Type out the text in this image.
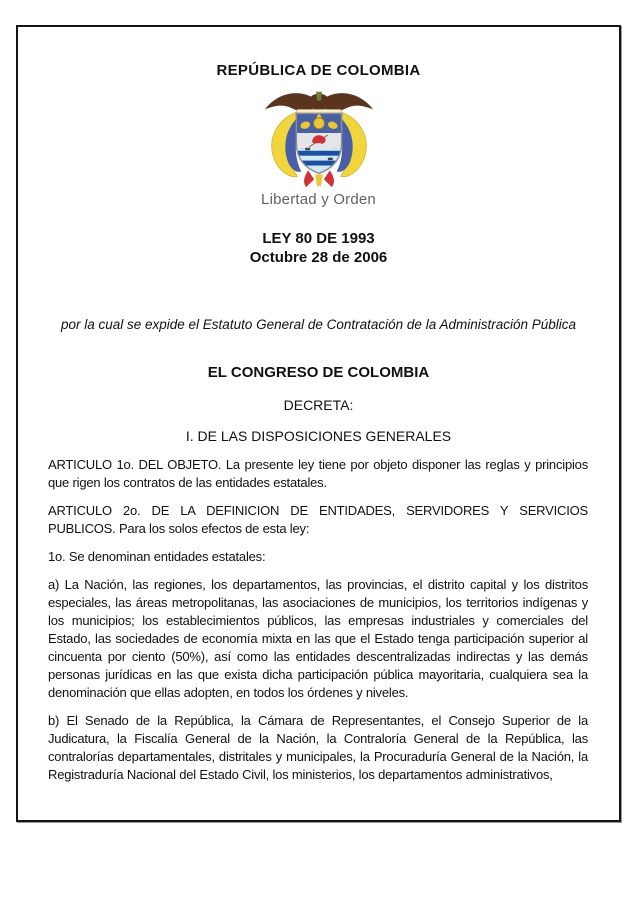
REPÚBLICA DE COLOMBIA
Libertad y Orden
LEY 80 DE 1993
Octubre 28 de 2006
por la cual se expide el Estatuto General de Contratación de la Administración Pública
EL CONGRESO DE COLOMBIA
DECRETA:
I. DE LAS DISPOSICIONES GENERALES

ARTICULO 1o. DEL OBJETO. La presente ley tiene por objeto disponer las reglas y principios que rigen los contratos de las entidades estatales.

ARTICULO 2o. DE LA DEFINICION DE ENTIDADES, SERVIDORES Y SERVICIOS PUBLICOS. Para los solos efectos de esta ley:

1o. Se denominan entidades estatales:

a) La Nación, las regiones, los departamentos, las provincias, el distrito capital y los distritos especiales, las áreas metropolitanas, las asociaciones de municipios, los territorios indígenas y los municipios; los establecimientos públicos, las empresas industriales y comerciales del Estado, las sociedades de economía mixta en las que el Estado tenga participación superior al cincuenta por ciento (50%), así como las entidades descentralizadas indirectas y las demás personas jurídicas en las que exista dicha participación pública mayoritaria, cualquiera sea la denominación que ellas adopten, en todos los órdenes y niveles.

b) El Senado de la República, la Cámara de Representantes, el Consejo Superior de la Judicatura, la Fiscalía General de la Nación, la Contraloría General de la República, las contralorías departamentales, distritales y municipales, la Procuraduría General de la Nación, la Registraduría Nacional del Estado Civil, los ministerios, los departamentos administrativos,
